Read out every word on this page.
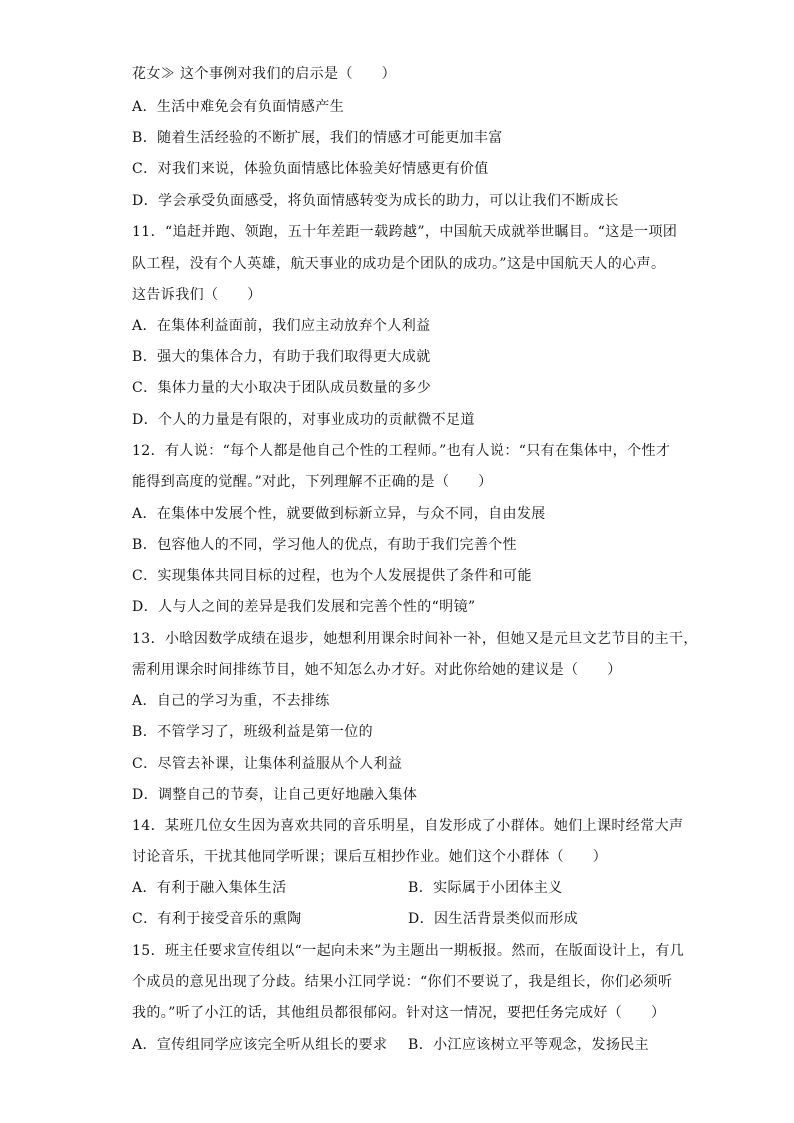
花女≫ 这个事例对我们的启示是（　　）
A．生活中难免会有负面情感产生
B．随着生活经验的不断扩展，我们的情感才可能更加丰富
C．对我们来说，体验负面情感比体验美好情感更有价值
D．学会承受负面感受，将负面情感转变为成长的助力，可以让我们不断成长
11．“追赶并跑、领跑，五十年差距一载跨越”，中国航天成就举世瞩目。“这是一项团
队工程，没有个人英雄，航天事业的成功是个团队的成功。”这是中国航天人的心声。
这告诉我们（　　）
A．在集体利益面前，我们应主动放弃个人利益
B．强大的集体合力，有助于我们取得更大成就
C．集体力量的大小取决于团队成员数量的多少
D．个人的力量是有限的，对事业成功的贡献微不足道
12．有人说：“每个人都是他自己个性的工程师。”也有人说：“只有在集体中，个性才
能得到高度的觉醒。”对此，下列理解不正确的是（　　）
A．在集体中发展个性，就要做到标新立异，与众不同，自由发展
B．包容他人的不同，学习他人的优点，有助于我们完善个性
C．实现集体共同目标的过程，也为个人发展提供了条件和可能
D．人与人之间的差异是我们发展和完善个性的“明镜”
13．小晗因数学成绩在退步，她想利用课余时间补一补，但她又是元旦文艺节目的主干，
需利用课余时间排练节目，她不知怎么办才好。对此你给她的建议是（　　）
A．自己的学习为重，不去排练
B．不管学习了，班级利益是第一位的
C．尽管去补课，让集体利益服从个人利益
D．调整自己的节奏，让自己更好地融入集体
14．某班几位女生因为喜欢共同的音乐明星，自发形成了小群体。她们上课时经常大声
讨论音乐，干扰其他同学听课；课后互相抄作业。她们这个小群体（　　）
A．有利于融入集体生活	B．实际属于小团体主义
C．有利于接受音乐的熏陶	D．因生活背景类似而形成
15．班主任要求宣传组以“一起向未来”为主题出一期板报。然而，在版面设计上，有几
个成员的意见出现了分歧。结果小江同学说：“你们不要说了，我是组长，你们必须听
我的。”听了小江的话，其他组员都很郁闷。针对这一情况，要把任务完成好（　　）
A．宣传组同学应该完全听从组长的要求	B．小江应该树立平等观念，发扬民主
